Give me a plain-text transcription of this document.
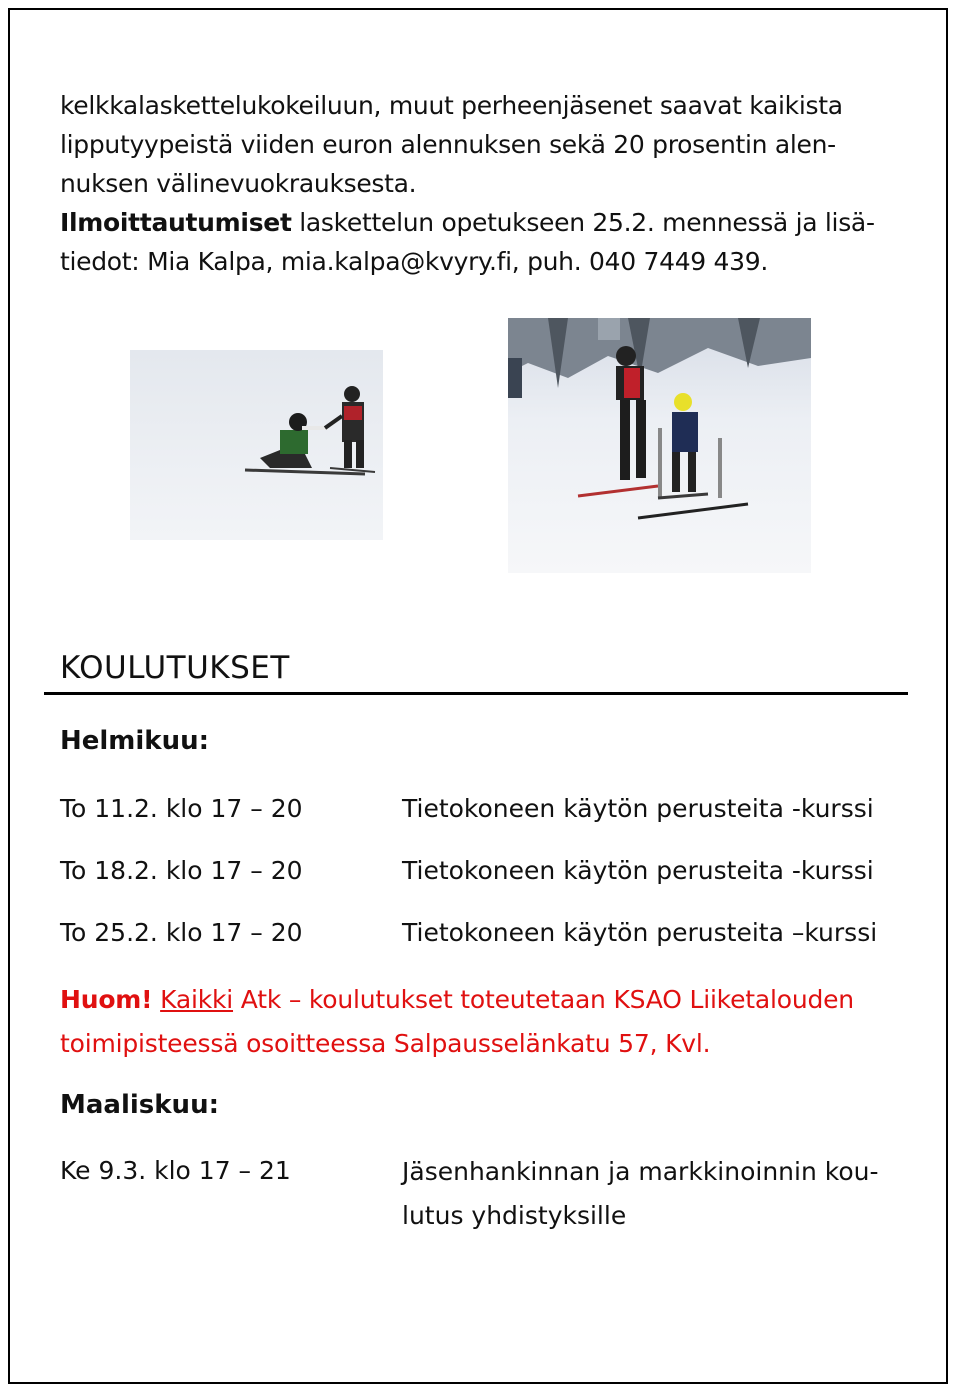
kelkkalaskettelukokeiluun, muut perheenjäsenet saavat kaikista

lipputyypeistä viiden euron alennuksen sekä 20 prosentin alen-

nuksen välinevuokrauksesta.

Ilmoittautumiset laskettelun opetukseen 25.2. mennessä ja lisä-

tiedot: Mia Kalpa, mia.kalpa@kvyry.fi, puh. 040 7449 439.

KOULUTUKSET
Helmikuu:
To 11.2. klo 17 – 20	Tietokoneen käytön perusteita -kurssi
To 18.2. klo 17 – 20	Tietokoneen käytön perusteita -kurssi
To 25.2. klo 17 – 20	Tietokoneen käytön perusteita –kurssi
Huom! Kaikki Atk – koulutukset toteutetaan KSAO Liiketalouden
toimipisteessä osoitteessa Salpausselänkatu 57, Kvl.
Maaliskuu:
Ke 9.3. klo 17 – 21	Jäsenhankinnan ja markkinoinnin kou-
lutus yhdistyksille
